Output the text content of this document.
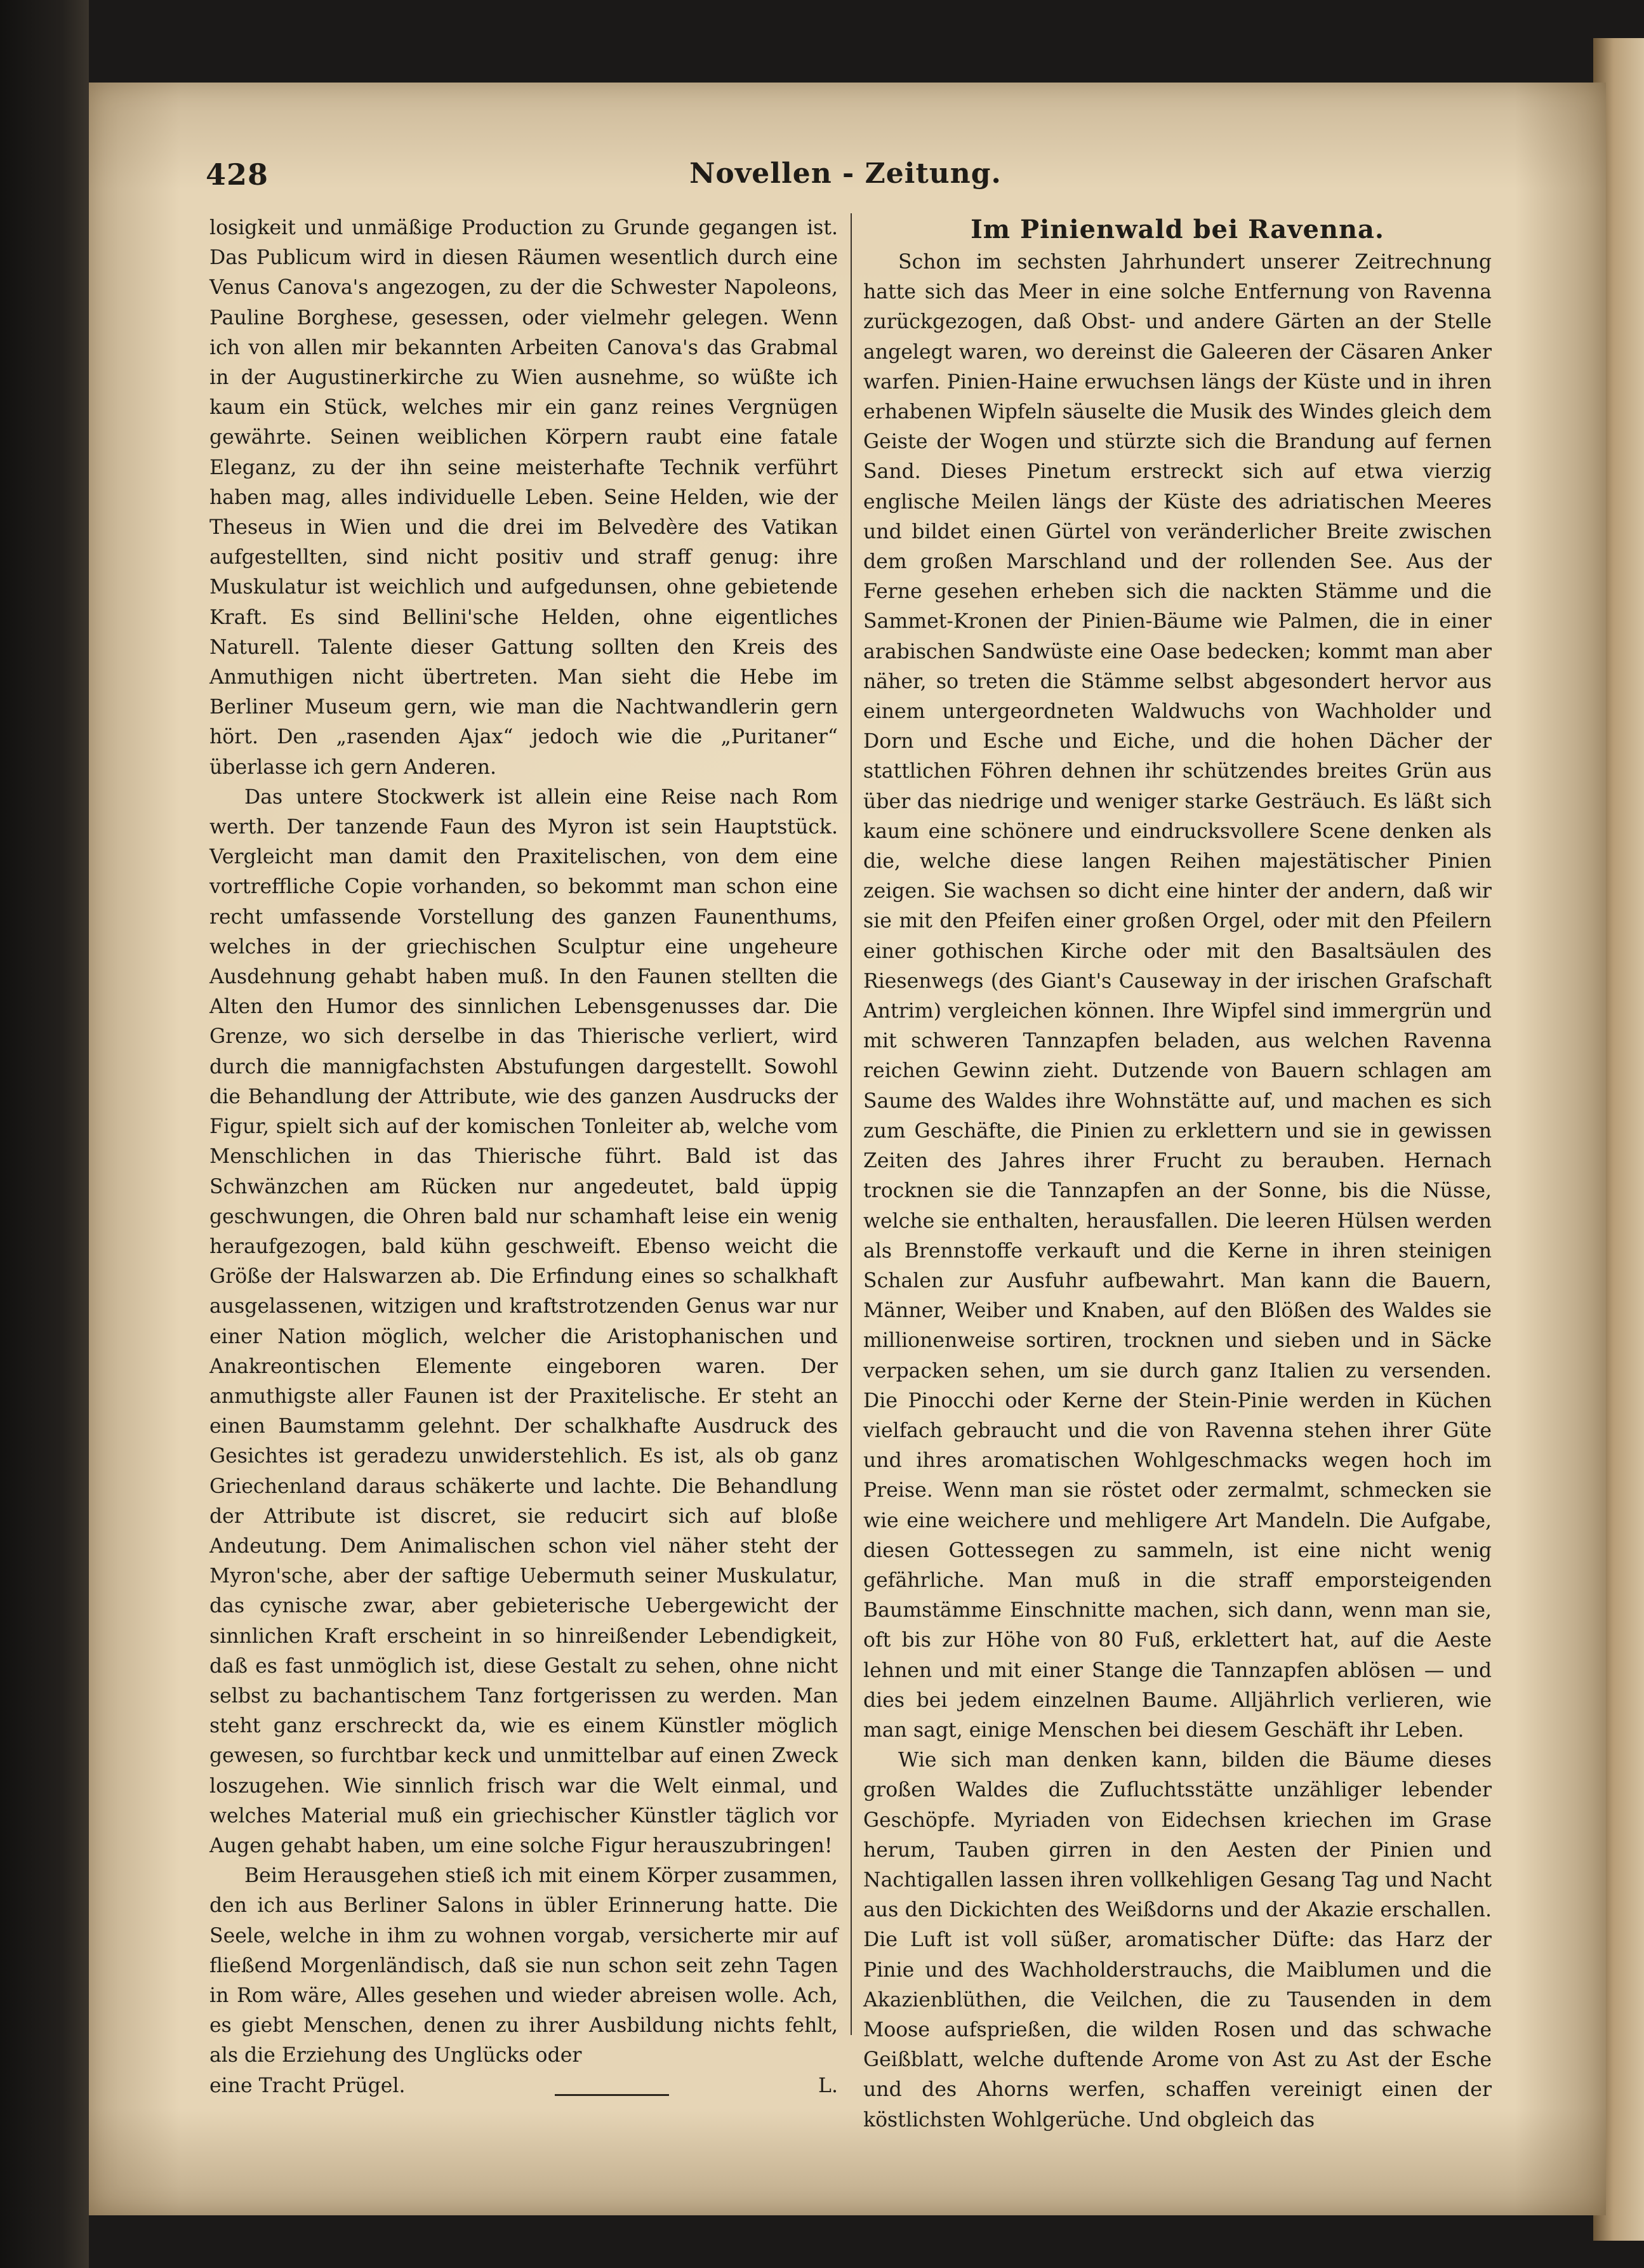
Novellen - Zeitung.
428

losigkeit und unmäßige Production zu Grunde gegangen ist. Das Publicum wird in diesen Räumen wesentlich durch eine Venus Canova's angezogen, zu der die Schwester Napoleons, Pauline Borghese, gesessen, oder vielmehr gelegen. Wenn ich von allen mir bekannten Arbeiten Canova's das Grabmal in der Augustinerkirche zu Wien ausnehme, so wüßte ich kaum ein Stück, welches mir ein ganz reines Vergnügen gewährte. Seinen weiblichen Körpern raubt eine fatale Eleganz, zu der ihn seine meisterhafte Technik verführt haben mag, alles individuelle Leben. Seine Helden, wie der Theseus in Wien und die drei im Belvedère des Vatikan aufgestellten, sind nicht positiv und straff genug: ihre Muskulatur ist weichlich und aufgedunsen, ohne gebietende Kraft. Es sind Bellini'sche Helden, ohne eigentliches Naturell. Talente dieser Gattung sollten den Kreis des Anmuthigen nicht übertreten. Man sieht die Hebe im Berliner Museum gern, wie man die Nachtwandlerin gern hört. Den „rasenden Ajax“ jedoch wie die „Puritaner“ überlasse ich gern Anderen.

Das untere Stockwerk ist allein eine Reise nach Rom werth. Der tanzende Faun des Myron ist sein Hauptstück. Vergleicht man damit den Praxitelischen, von dem eine vortreffliche Copie vorhanden, so bekommt man schon eine recht umfassende Vorstellung des ganzen Faunenthums, welches in der griechischen Sculptur eine ungeheure Ausdehnung gehabt haben muß. In den Faunen stellten die Alten den Humor des sinnlichen Lebensgenusses dar. Die Grenze, wo sich derselbe in das Thierische verliert, wird durch die mannigfachsten Abstufungen dargestellt. Sowohl die Behandlung der Attribute, wie des ganzen Ausdrucks der Figur, spielt sich auf der komischen Tonleiter ab, welche vom Menschlichen in das Thierische führt. Bald ist das Schwänzchen am Rücken nur angedeutet, bald üppig geschwungen, die Ohren bald nur schamhaft leise ein wenig heraufgezogen, bald kühn geschweift. Ebenso weicht die Größe der Halswarzen ab. Die Erfindung eines so schalkhaft ausgelassenen, witzigen und kraftstrotzenden Genus war nur einer Nation möglich, welcher die Aristophanischen und Anakreontischen Elemente eingeboren waren. Der anmuthigste aller Faunen ist der Praxitelische. Er steht an einen Baumstamm gelehnt. Der schalkhafte Ausdruck des Gesichtes ist geradezu unwiderstehlich. Es ist, als ob ganz Griechenland daraus schäkerte und lachte. Die Behandlung der Attribute ist discret, sie reducirt sich auf bloße Andeutung. Dem Animalischen schon viel näher steht der Myron'sche, aber der saftige Uebermuth seiner Muskulatur, das cynische zwar, aber gebieterische Uebergewicht der sinnlichen Kraft erscheint in so hinreißender Lebendigkeit, daß es fast unmöglich ist, diese Gestalt zu sehen, ohne nicht selbst zu bachantischem Tanz fortgerissen zu werden. Man steht ganz erschreckt da, wie es einem Künstler möglich gewesen, so furchtbar keck und unmittelbar auf einen Zweck loszugehen. Wie sinnlich frisch war die Welt einmal, und welches Material muß ein griechischer Künstler täglich vor Augen gehabt haben, um eine solche Figur herauszubringen!

Beim Herausgehen stieß ich mit einem Körper zusammen, den ich aus Berliner Salons in übler Erinnerung hatte. Die Seele, welche in ihm zu wohnen vorgab, versicherte mir auf fließend Morgenländisch, daß sie nun schon seit zehn Tagen in Rom wäre, Alles gesehen und wieder abreisen wolle. Ach, es giebt Menschen, denen zu ihrer Ausbildung nichts fehlt, als die Erziehung des Unglücks oder

eine Tracht Prügel.	L.
Im Pinienwald bei Ravenna.

Schon im sechsten Jahrhundert unserer Zeitrechnung hatte sich das Meer in eine solche Entfernung von Ravenna zurückgezogen, daß Obst- und andere Gärten an der Stelle angelegt waren, wo dereinst die Galeeren der Cäsaren Anker warfen. Pinien-Haine erwuchsen längs der Küste und in ihren erhabenen Wipfeln säuselte die Musik des Windes gleich dem Geiste der Wogen und stürzte sich die Brandung auf fernen Sand. Dieses Pinetum erstreckt sich auf etwa vierzig englische Meilen längs der Küste des adriatischen Meeres und bildet einen Gürtel von veränderlicher Breite zwischen dem großen Marschland und der rollenden See. Aus der Ferne gesehen erheben sich die nackten Stämme und die Sammet-Kronen der Pinien-Bäume wie Palmen, die in einer arabischen Sandwüste eine Oase bedecken; kommt man aber näher, so treten die Stämme selbst abgesondert hervor aus einem untergeordneten Waldwuchs von Wachholder und Dorn und Esche und Eiche, und die hohen Dächer der stattlichen Föhren dehnen ihr schützendes breites Grün aus über das niedrige und weniger starke Gesträuch. Es läßt sich kaum eine schönere und eindrucksvollere Scene denken als die, welche diese langen Reihen majestätischer Pinien zeigen. Sie wachsen so dicht eine hinter der andern, daß wir sie mit den Pfeifen einer großen Orgel, oder mit den Pfeilern einer gothischen Kirche oder mit den Basaltsäulen des Riesenwegs (des Giant's Causeway in der irischen Grafschaft Antrim) vergleichen können. Ihre Wipfel sind immergrün und mit schweren Tannzapfen beladen, aus welchen Ravenna reichen Gewinn zieht. Dutzende von Bauern schlagen am Saume des Waldes ihre Wohnstätte auf, und machen es sich zum Geschäfte, die Pinien zu erklettern und sie in gewissen Zeiten des Jahres ihrer Frucht zu berauben. Hernach trocknen sie die Tannzapfen an der Sonne, bis die Nüsse, welche sie enthalten, herausfallen. Die leeren Hülsen werden als Brennstoffe verkauft und die Kerne in ihren steinigen Schalen zur Ausfuhr aufbewahrt. Man kann die Bauern, Männer, Weiber und Knaben, auf den Blößen des Waldes sie millionenweise sortiren, trocknen und sieben und in Säcke verpacken sehen, um sie durch ganz Italien zu versenden. Die Pinocchi oder Kerne der Stein-Pinie werden in Küchen vielfach gebraucht und die von Ravenna stehen ihrer Güte und ihres aromatischen Wohlgeschmacks wegen hoch im Preise. Wenn man sie röstet oder zermalmt, schmecken sie wie eine weichere und mehligere Art Mandeln. Die Aufgabe, diesen Gottessegen zu sammeln, ist eine nicht wenig gefährliche. Man muß in die straff emporsteigenden Baumstämme Einschnitte machen, sich dann, wenn man sie, oft bis zur Höhe von 80 Fuß, erklettert hat, auf die Aeste lehnen und mit einer Stange die Tannzapfen ablösen — und dies bei jedem einzelnen Baume. Alljährlich verlieren, wie man sagt, einige Menschen bei diesem Geschäft ihr Leben.

Wie sich man denken kann, bilden die Bäume dieses großen Waldes die Zufluchtsstätte unzähliger lebender Geschöpfe. Myriaden von Eidechsen kriechen im Grase herum, Tauben girren in den Aesten der Pinien und Nachtigallen lassen ihren vollkehligen Gesang Tag und Nacht aus den Dickichten des Weißdorns und der Akazie erschallen. Die Luft ist voll süßer, aromatischer Düfte: das Harz der Pinie und des Wachholderstrauchs, die Maiblumen und die Akazienblüthen, die Veilchen, die zu Tausenden in dem Moose aufsprießen, die wilden Rosen und das schwache Geißblatt, welche duftende Arome von Ast zu Ast der Esche und des Ahorns werfen, schaffen vereinigt einen der köstlichsten Wohlgerüche. Und obgleich das
